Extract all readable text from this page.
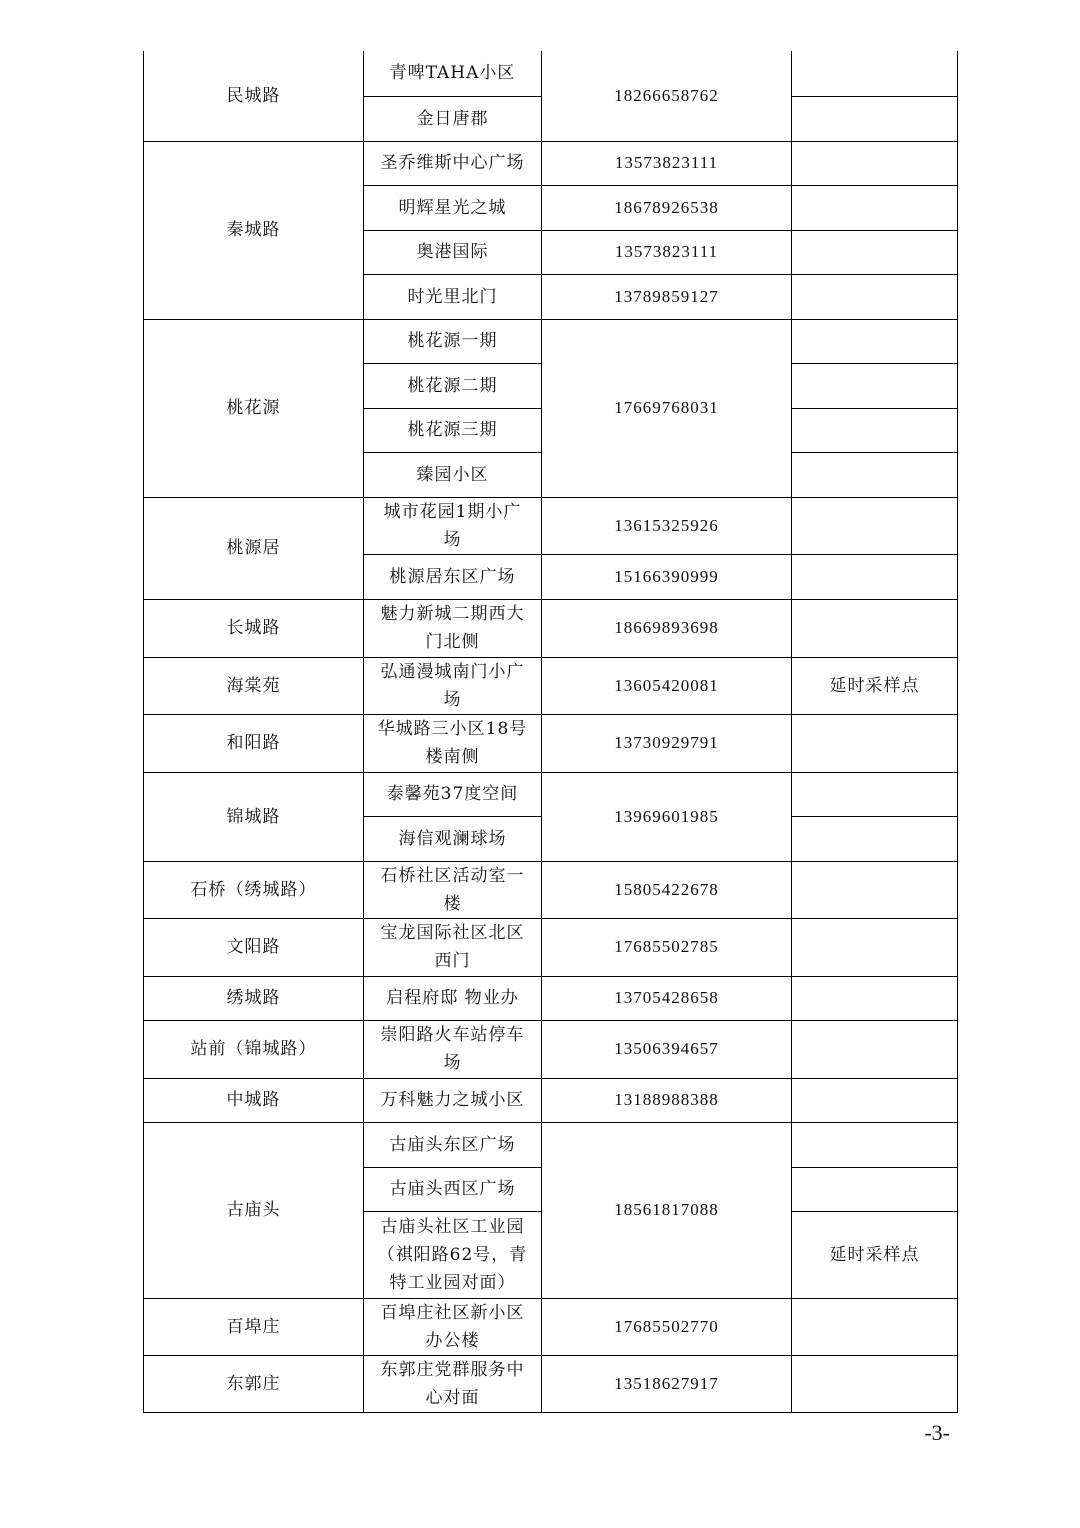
民城路	青啤TAHA小区	18266658762	
	金日唐郡		
秦城路	圣乔维斯中心广场	13573823111	
	明辉星光之城	18678926538	
	奥港国际	13573823111	
	时光里北门	13789859127	
桃花源	桃花源一期	17669768031	
	桃花源二期		
	桃花源三期		
	臻园小区		
桃源居	城市花园1期小广场	13615325926	
	桃源居东区广场	15166390999	
长城路	魅力新城二期西大门北侧	18669893698	
海棠苑	弘通漫城南门小广场	13605420081	延时采样点
和阳路	华城路三小区18号楼南侧	13730929791	
锦城路	泰馨苑37度空间	13969601985	
	海信观澜球场		
石桥（绣城路）	石桥社区活动室一楼	15805422678	
文阳路	宝龙国际社区北区西门	17685502785	
绣城路	启程府邸 物业办	13705428658	
站前（锦城路）	崇阳路火车站停车场	13506394657	
中城路	万科魅力之城小区	13188988388	
古庙头	古庙头东区广场	18561817088	
	古庙头西区广场		
	古庙头社区工业园（祺阳路62号，青特工业园对面）		延时采样点
百埠庄	百埠庄社区新小区办公楼	17685502770	
东郭庄	东郭庄党群服务中心对面	13518627917	
-3-
